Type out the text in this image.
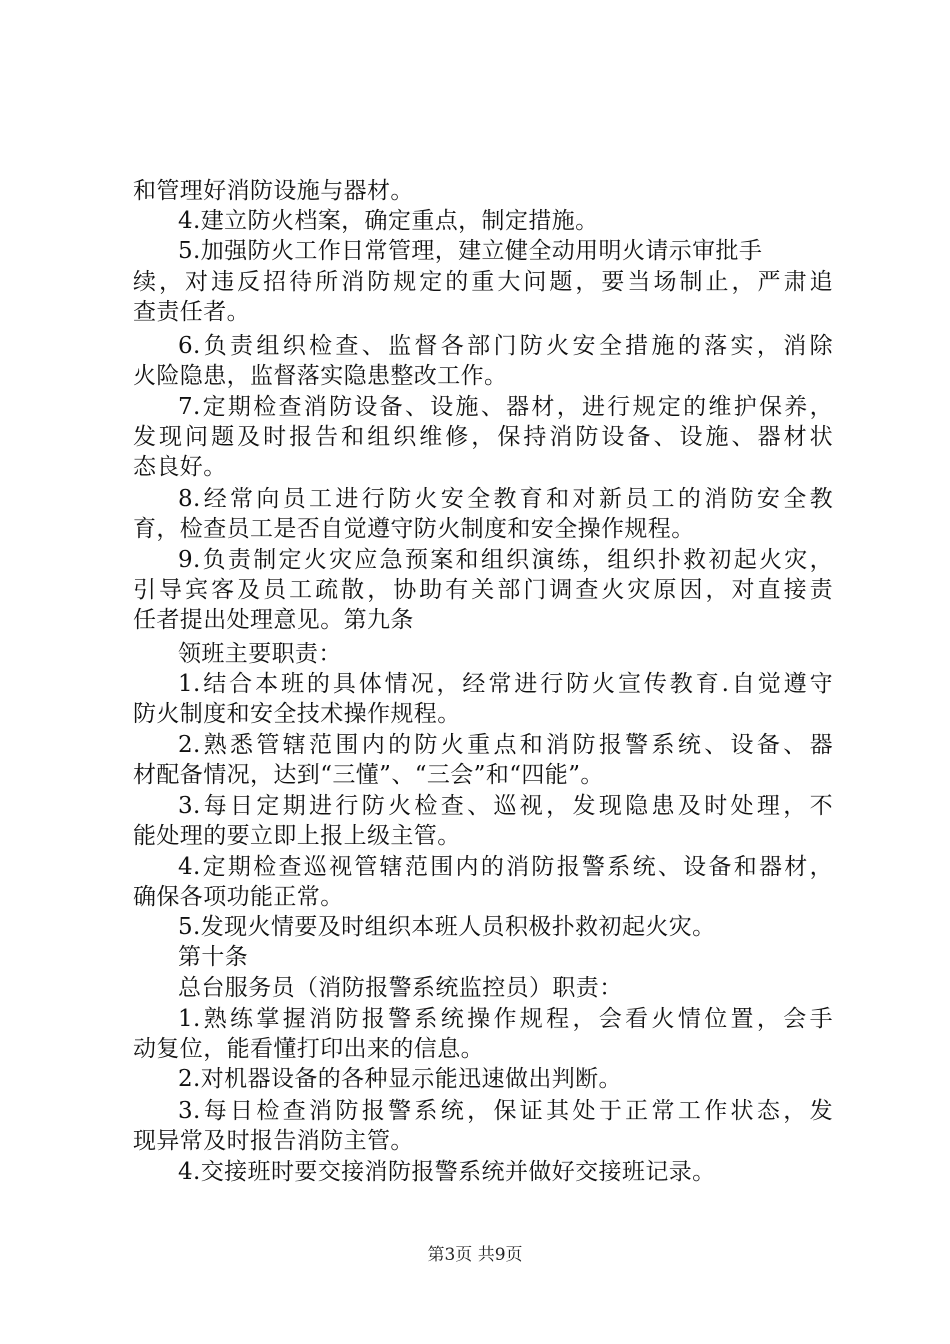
和管理好消防设施与器材。
4.建立防火档案，确定重点，制定措施。
5.加强防火工作日常管理，建立健全动用明火请示审批手
续，对违反招待所消防规定的重大问题，要当场制止，严肃追
查责任者。
6.负责组织检查、监督各部门防火安全措施的落实，消除
火险隐患，监督落实隐患整改工作。
7.定期检查消防设备、设施、器材，进行规定的维护保养，
发现问题及时报告和组织维修，保持消防设备、设施、器材状
态良好。
8.经常向员工进行防火安全教育和对新员工的消防安全教
育，检查员工是否自觉遵守防火制度和安全操作规程。
9.负责制定火灾应急预案和组织演练，组织扑救初起火灾，
引导宾客及员工疏散，协助有关部门调查火灾原因，对直接责
任者提出处理意见。第九条
领班主要职责：
1.结合本班的具体情况，经常进行防火宣传教育.自觉遵守
防火制度和安全技术操作规程。
2.熟悉管辖范围内的防火重点和消防报警系统、设备、器
材配备情况，达到“三懂”、“三会”和“四能”。
3.每日定期进行防火检查、巡视，发现隐患及时处理，不
能处理的要立即上报上级主管。
4.定期检查巡视管辖范围内的消防报警系统、设备和器材，
确保各项功能正常。
5.发现火情要及时组织本班人员积极扑救初起火灾。
第十条
总台服务员（消防报警系统监控员）职责：
1.熟练掌握消防报警系统操作规程，会看火情位置，会手
动复位，能看懂打印出来的信息。
2.对机器设备的各种显示能迅速做出判断。
3.每日检查消防报警系统，保证其处于正常工作状态，发
现异常及时报告消防主管。
4.交接班时要交接消防报警系统并做好交接班记录。
第3页 共9页
